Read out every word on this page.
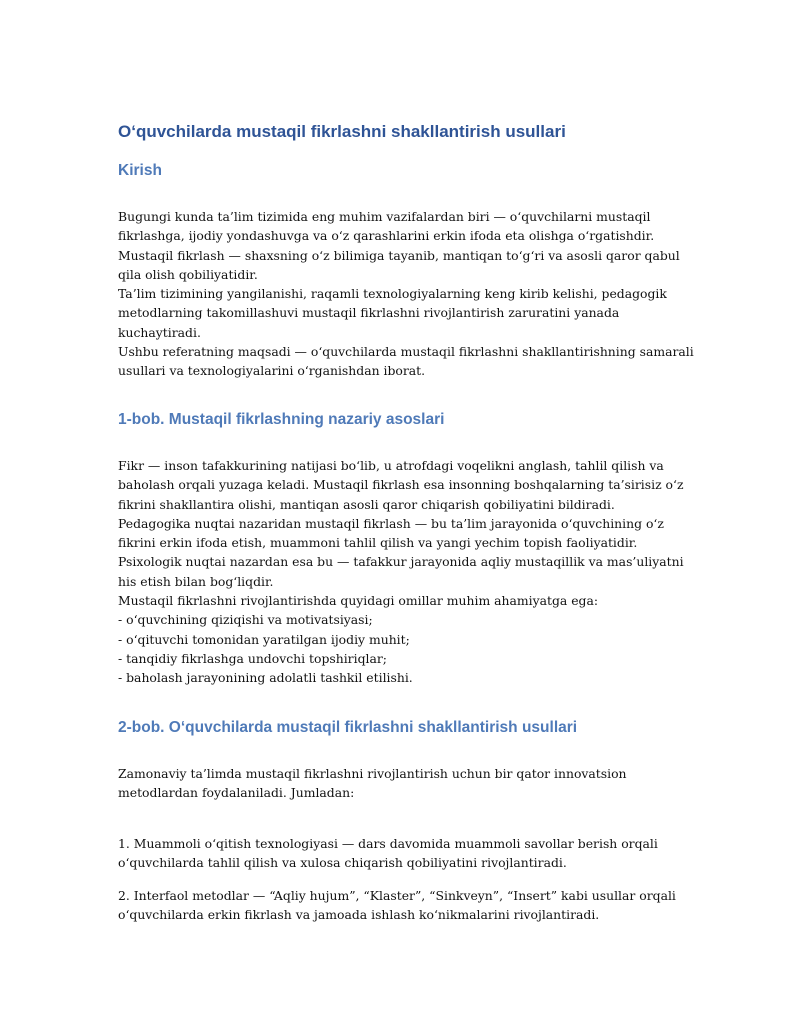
O‘quvchilarda mustaqil fikrlashni shakllantirish usullari
Kirish
Bugungi kunda ta’lim tizimida eng muhim vazifalardan biri — o‘quvchilarni mustaqil
fikrlashga, ijodiy yondashuvga va o‘z qarashlarini erkin ifoda eta olishga o‘rgatishdir.
Mustaqil fikrlash — shaxsning o‘z bilimiga tayanib, mantiqan to‘g‘ri va asosli qaror qabul
qila olish qobiliyatidir.
Ta’lim tizimining yangilanishi, raqamli texnologiyalarning keng kirib kelishi, pedagogik
metodlarning takomillashuvi mustaqil fikrlashni rivojlantirish zaruratini yanada
kuchaytiradi.
Ushbu referatning maqsadi — o‘quvchilarda mustaqil fikrlashni shakllantirishning samarali
usullari va texnologiyalarini o‘rganishdan iborat.
1-bob. Mustaqil fikrlashning nazariy asoslari
Fikr — inson tafakkurining natijasi bo‘lib, u atrofdagi voqelikni anglash, tahlil qilish va
baholash orqali yuzaga keladi. Mustaqil fikrlash esa insonning boshqalarning ta’sirisiz o‘z
fikrini shakllantira olishi, mantiqan asosli qaror chiqarish qobiliyatini bildiradi.
Pedagogika nuqtai nazaridan mustaqil fikrlash — bu ta’lim jarayonida o‘quvchining o‘z
fikrini erkin ifoda etish, muammoni tahlil qilish va yangi yechim topish faoliyatidir.
Psixologik nuqtai nazardan esa bu — tafakkur jarayonida aqliy mustaqillik va mas’uliyatni
his etish bilan bog‘liqdir.
Mustaqil fikrlashni rivojlantirishda quyidagi omillar muhim ahamiyatga ega:
- o‘quvchining qiziqishi va motivatsiyasi;
- o‘qituvchi tomonidan yaratilgan ijodiy muhit;
- tanqidiy fikrlashga undovchi topshiriqlar;
- baholash jarayonining adolatli tashkil etilishi.
2-bob. O‘quvchilarda mustaqil fikrlashni shakllantirish usullari
Zamonaviy ta’limda mustaqil fikrlashni rivojlantirish uchun bir qator innovatsion
metodlardan foydalaniladi. Jumladan:
1. Muammoli o‘qitish texnologiyasi — dars davomida muammoli savollar berish orqali
o‘quvchilarda tahlil qilish va xulosa chiqarish qobiliyatini rivojlantiradi.
2. Interfaol metodlar — “Aqliy hujum”, “Klaster”, “Sinkveyn”, “Insert” kabi usullar orqali
o‘quvchilarda erkin fikrlash va jamoada ishlash ko‘nikmalarini rivojlantiradi.
